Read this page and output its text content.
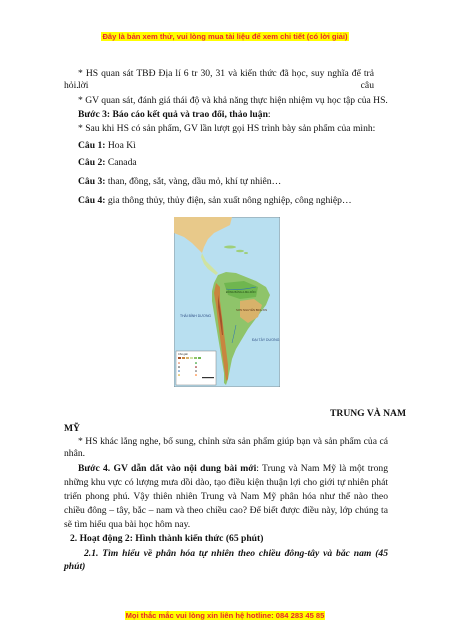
Đây là bản xem thử, vui lòng mua tài liệu để xem chi tiết (có lời giải)
* HS quan sát TBĐ Địa lí 6 tr 30, 31 và kiến thức đã học, suy nghĩa để trả lời câu
hỏi.
* GV quan sát, đánh giá thái độ và khả năng thực hiện nhiệm vụ học tập của HS.
Bước 3: Báo cáo kết quả và trao đổi, thảo luận:
* Sau khi HS có sản phẩm, GV lần lượt gọi HS trình bày sản phẩm của mình:
Câu 1: Hoa Kì
Câu 2: Canada
Câu 3: than, đồng, sắt, vàng, dầu mỏ, khí tự nhiên…
Câu 4: gia thông thủy, thủy điện, sản xuất nông nghiệp, công nghiệp…
THÁI BÌNH DƯƠNG
ĐẠI TÂY DƯƠNG
SƠN NGUYÊN BRA-XIN
ĐỒNG BẰNG A-MA-DÔN
Chú giải
TRUNG VÀ NAM
MỸ
* HS khác lắng nghe, bổ sung, chỉnh sửa sản phẩm giúp bạn và sản phẩm của cá
nhân.
Bước 4. GV dẫn dắt vào nội dung bài mới: Trung và Nam Mỹ là một trong
những khu vực có lượng mưa dồi dào, tạo điều kiện thuận lợi cho giới tự nhiên phát
triển phong phú. Vậy thiên nhiên Trung và Nam Mỹ phân hóa như thế nào theo
chiều đông – tây, bắc – nam và theo chiều cao? Để biết được điều này, lớp chúng ta
sẽ tìm hiểu qua bài học hôm nay.
2. Hoạt động 2: Hình thành kiến thức (65 phút)
2.1. Tìm hiểu về phân hóa tự nhiên theo chiều đông-tây và bắc nam (45
phút)
Mọi thắc mắc vui lòng xin liên hệ hotline: 084 283 45 85
